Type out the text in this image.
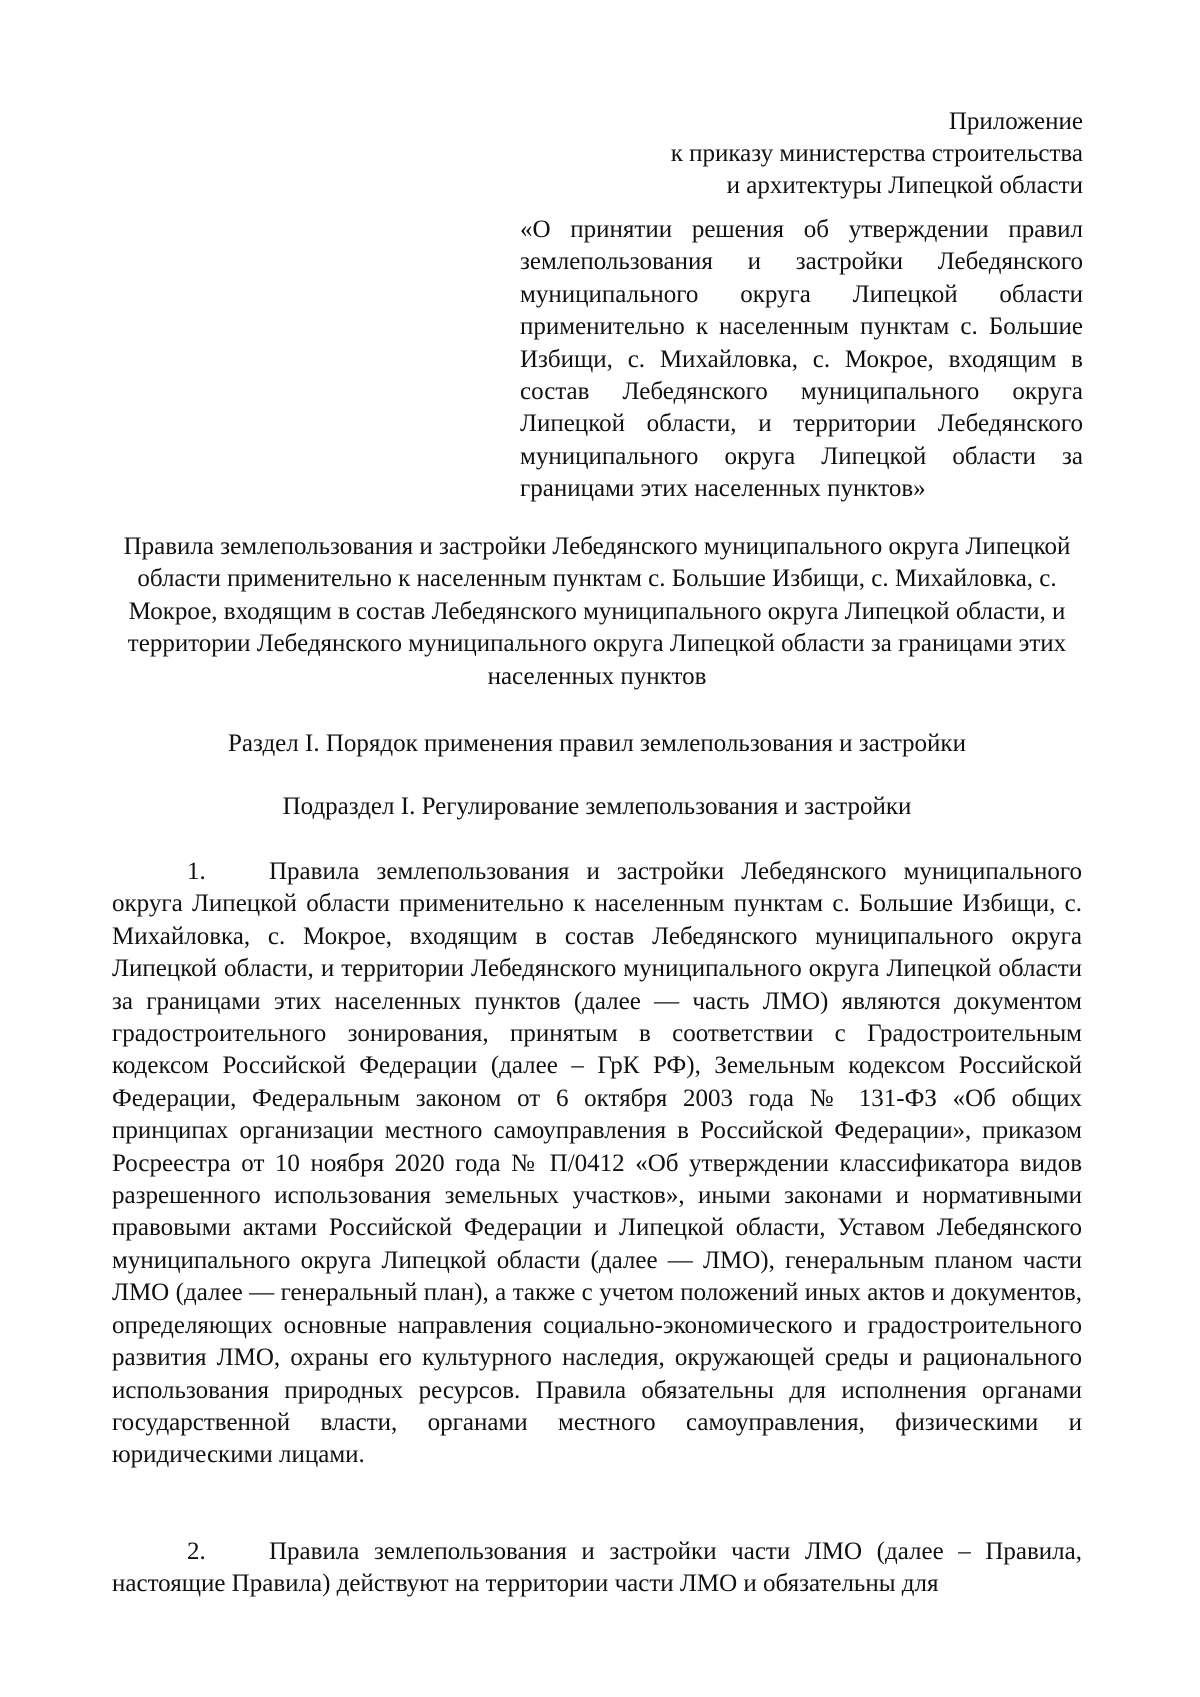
Приложение
к приказу министерства строительства
и архитектуры Липецкой области
«О принятии решения об утверждении правил землепользования и застройки Лебедянского муниципального округа Липецкой области применительно к населенным пунктам с. Большие Избищи, с. Михайловка, с. Мокрое, входящим в состав Лебедянского муниципального округа Липецкой области, и территории Лебедянского муниципального округа Липецкой области за границами этих населенных пунктов»
Правила землепользования и застройки Лебедянского муниципального округа Липецкой области применительно к населенным пунктам с. Большие Избищи, с. Михайловка, с. Мокрое, входящим в состав Лебедянского муниципального округа Липецкой области, и территории Лебедянского муниципального округа Липецкой области за границами этих населенных пунктов
Раздел I. Порядок применения правил землепользования и застройки
Подраздел I. Регулирование землепользования и застройки

1.	Правила землепользования и застройки Лебедянского муниципального округа Липецкой области применительно к населенным пунктам с. Большие Избищи, с. Михайловка, с. Мокрое, входящим в состав Лебедянского муниципального округа Липецкой области, и территории Лебедянского муниципального округа Липецкой области за границами этих населенных пунктов (далее — часть ЛМО) являются документом градостроительного зонирования, принятым в соответствии с Градостроительным кодексом Российской Федерации (далее – ГрК РФ), Земельным кодексом Российской Федерации, Федеральным законом от 6 октября 2003 года № 131-ФЗ «Об общих принципах организации местного самоуправления в Российской Федерации», приказом Росреестра от 10 ноября 2020 года № П/0412 «Об утверждении классификатора видов разрешенного использования земельных участков», иными законами и нормативными правовыми актами Российской Федерации и Липецкой области, Уставом Лебедянского муниципального округа Липецкой области (далее — ЛМО), генеральным планом части ЛМО (далее — генеральный план), а также с учетом положений иных актов и документов, определяющих основные направления социально-экономического и градостроительного развития ЛМО, охраны его культурного наследия, окружающей среды и рационального использования природных ресурсов. Правила обязательны для исполнения органами государственной власти, органами местного самоуправления, физическими и юридическими лицами.

2.	Правила землепользования и застройки части ЛМО (далее – Правила, настоящие Правила) действуют на территории части ЛМО и обязательны для
